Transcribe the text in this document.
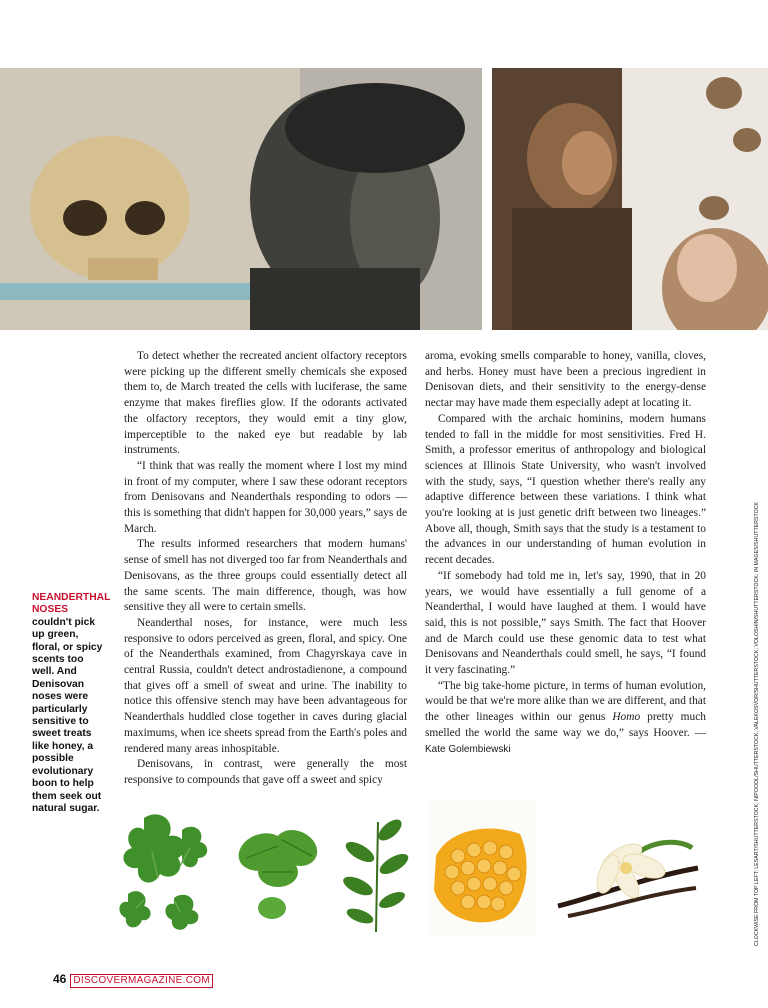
To detect whether the recreated ancient olfactory receptors were picking up the different smelly chemicals she exposed them to, de March treated the cells with luciferase, the same enzyme that makes fireflies glow. If the odorants activated the olfactory receptors, they would emit a tiny glow, imperceptible to the naked eye but readable by lab instruments.

“I think that was really the moment where I lost my mind in front of my computer, where I saw these odorant receptors from Denisovans and Neanderthals responding to odors — this is something that didn't happen for 30,000 years,” says de March.

The results informed researchers that modern humans' sense of smell has not diverged too far from Neanderthals and Denisovans, as the three groups could essentially detect all the same scents. The main difference, though, was how sensitive they all were to certain smells.

Neanderthal noses, for instance, were much less responsive to odors perceived as green, floral, and spicy. One of the Neanderthals examined, from Chagyrskaya cave in central Russia, couldn't detect androstadienone, a compound that gives off a smell of sweat and urine. The inability to notice this offensive stench may have been advantageous for Neanderthals huddled close together in caves during glacial maximums, when ice sheets spread from the Earth's poles and rendered many areas inhospitable.

Denisovans, in contrast, were generally the most responsive to compounds that gave off a sweet and spicy

aroma, evoking smells comparable to honey, vanilla, cloves, and herbs. Honey must have been a precious ingredient in Denisovan diets, and their sensitivity to the energy-dense nectar may have made them especially adept at locating it.

Compared with the archaic hominins, modern humans tended to fall in the middle for most sensitivities. Fred H. Smith, a professor emeritus of anthropology and biological sciences at Illinois State University, who wasn't involved with the study, says, “I question whether there's really any adaptive difference between these variations. I think what you're looking at is just genetic drift between two lineages.” Above all, though, Smith says that the study is a testament to the advances in our understanding of human evolution in recent decades.

“If somebody had told me in, let's say, 1990, that in 20 years, we would have essentially a full genome of a Neanderthal, I would have laughed at them. I would have said, this is not possible,” says Smith. The fact that Hoover and de March could use these genomic data to test what Denisovans and Neanderthals could smell, he says, “I found it very fascinating.”

“The big take-home picture, in terms of human evolution, would be that we're more alike than we are different, and that the other lineages within our genus Homo pretty much smelled the world the same way we do,” says Hoover. — Kate Golembiewski

NEANDERTHAL NOSES couldn't pick up green, floral, or spicy scents too well. And Denisovan noses were particularly sensitive to sweet treats like honey, a possible evolutionary boon to help them seek out natural sugar.	CLOCKWISE FROM TOP LEFT: LESART/SHUTTERSTOCK; NIPOOOL/SHUTTERSTOCK; VALEKOSVOR/SHUTTERSTOCK; VOLOSHIN/SHUTTERSTOCK; IN MAGES/SHUTTERSTOCK
46 DISCOVERMAGAZINE.COM
